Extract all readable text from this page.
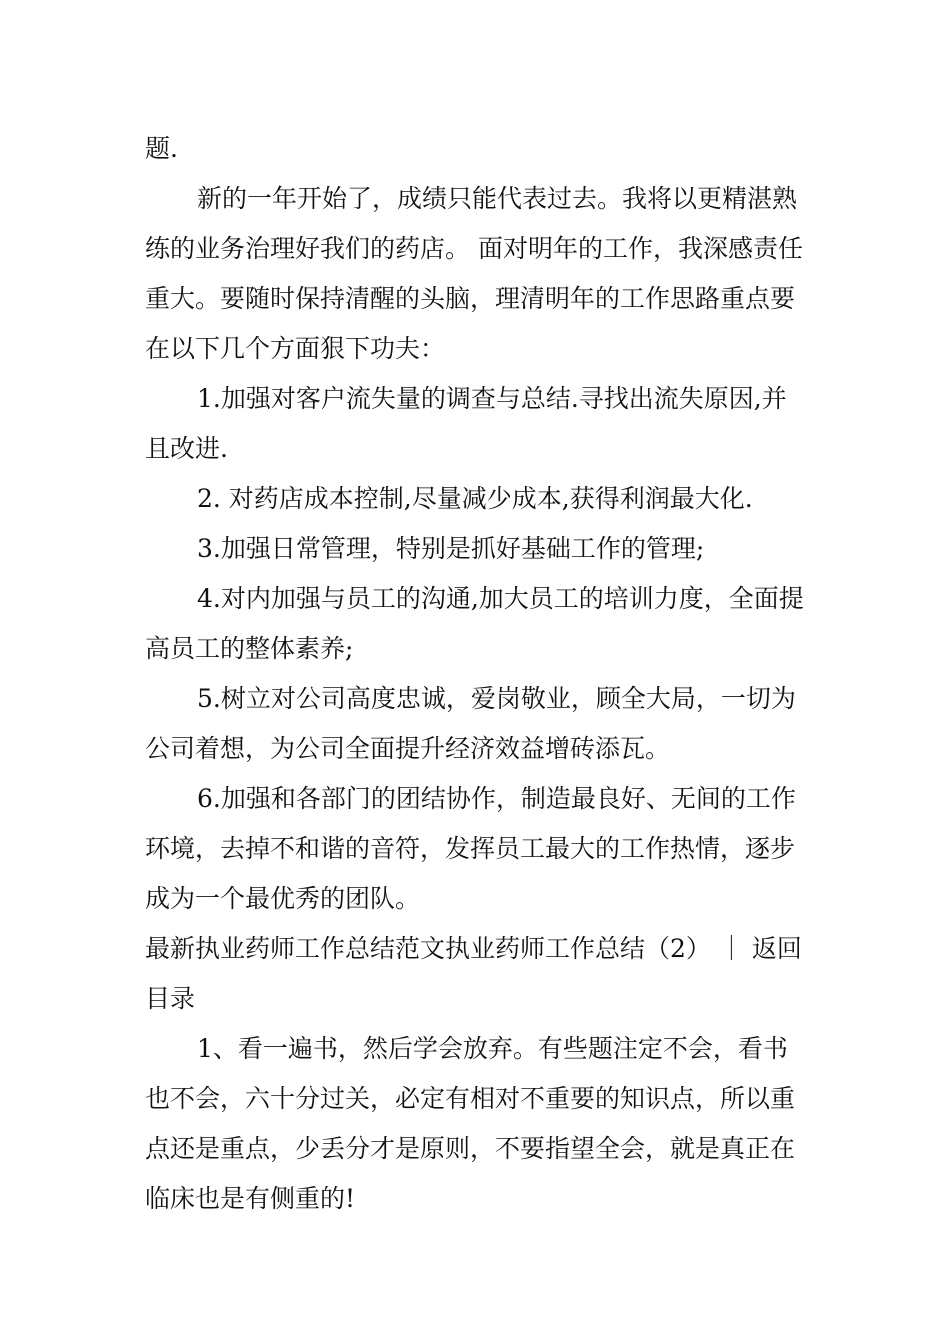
题.

新的一年开始了，成绩只能代表过去。我将以更精湛熟练的业务治理好我们的药店。 面对明年的工作，我深感责任重大。要随时保持清醒的头脑，理清明年的工作思路重点要在以下几个方面狠下功夫：

1.加强对客户流失量的调查与总结.寻找出流失原因,并且改进.

2. 对药店成本控制,尽量减少成本,获得利润最大化.

3.加强日常管理，特别是抓好基础工作的管理;

4.对内加强与员工的沟通,加大员工的培训力度，全面提高员工的整体素养;

5.树立对公司高度忠诚，爱岗敬业，顾全大局，一切为公司着想，为公司全面提升经济效益增砖添瓦。

6.加强和各部门的团结协作，制造最良好、无间的工作环境，去掉不和谐的音符，发挥员工最大的工作热情，逐步成为一个最优秀的团队。

最新执业药师工作总结范文执业药师工作总结（2） ｜ 返回目录

1、看一遍书，然后学会放弃。有些题注定不会，看书也不会，六十分过关，必定有相对不重要的知识点，所以重点还是重点，少丢分才是原则，不要指望全会，就是真正在临床也是有侧重的!
